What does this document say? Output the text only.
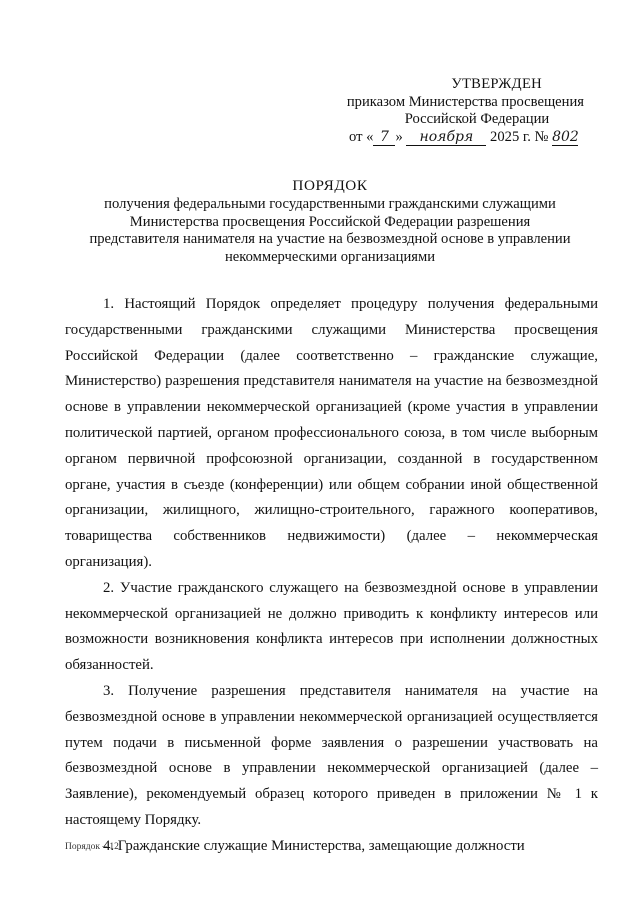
УТВЕРЖДЕН
приказом Министерства просвещения
Российской Федерации
от « 7 » ноября 2025 г. № 802
ПОРЯДОК
получения федеральными государственными гражданскими служащими
Министерства просвещения Российской Федерации разрешения
представителя нанимателя на участие на безвозмездной основе в управлении
некоммерческими организациями

1. Настоящий Порядок определяет процедуру получения федеральными государственными гражданскими служащими Министерства просвещения Российской Федерации (далее соответственно – гражданские служащие, Министерство) разрешения представителя нанимателя на участие на безвозмездной основе в управлении некоммерческой организацией (кроме участия в управлении политической партией, органом профессионального союза, в том числе выборным органом первичной профсоюзной организации, созданной в государственном органе, участия в съезде (конференции) или общем собрании иной общественной организации, жилищного, жилищно-строительного, гаражного кооперативов, товарищества собственников недвижимости) (далее – некоммерческая организация).

2. Участие гражданского служащего на безвозмездной основе в управлении некоммерческой организацией не должно приводить к конфликту интересов или возможности возникновения конфликта интересов при исполнении должностных обязанностей.

3. Получение разрешения представителя нанимателя на участие на безвозмездной основе в управлении некоммерческой организацией осуществляется путем подачи в письменной форме заявления о разрешении участвовать на безвозмездной основе в управлении некоммерческой организацией (далее – Заявление), рекомендуемый образец которого приведен в приложении № 1 к настоящему Порядку.

4. Гражданские служащие Министерства, замещающие должности

Порядок – 12
